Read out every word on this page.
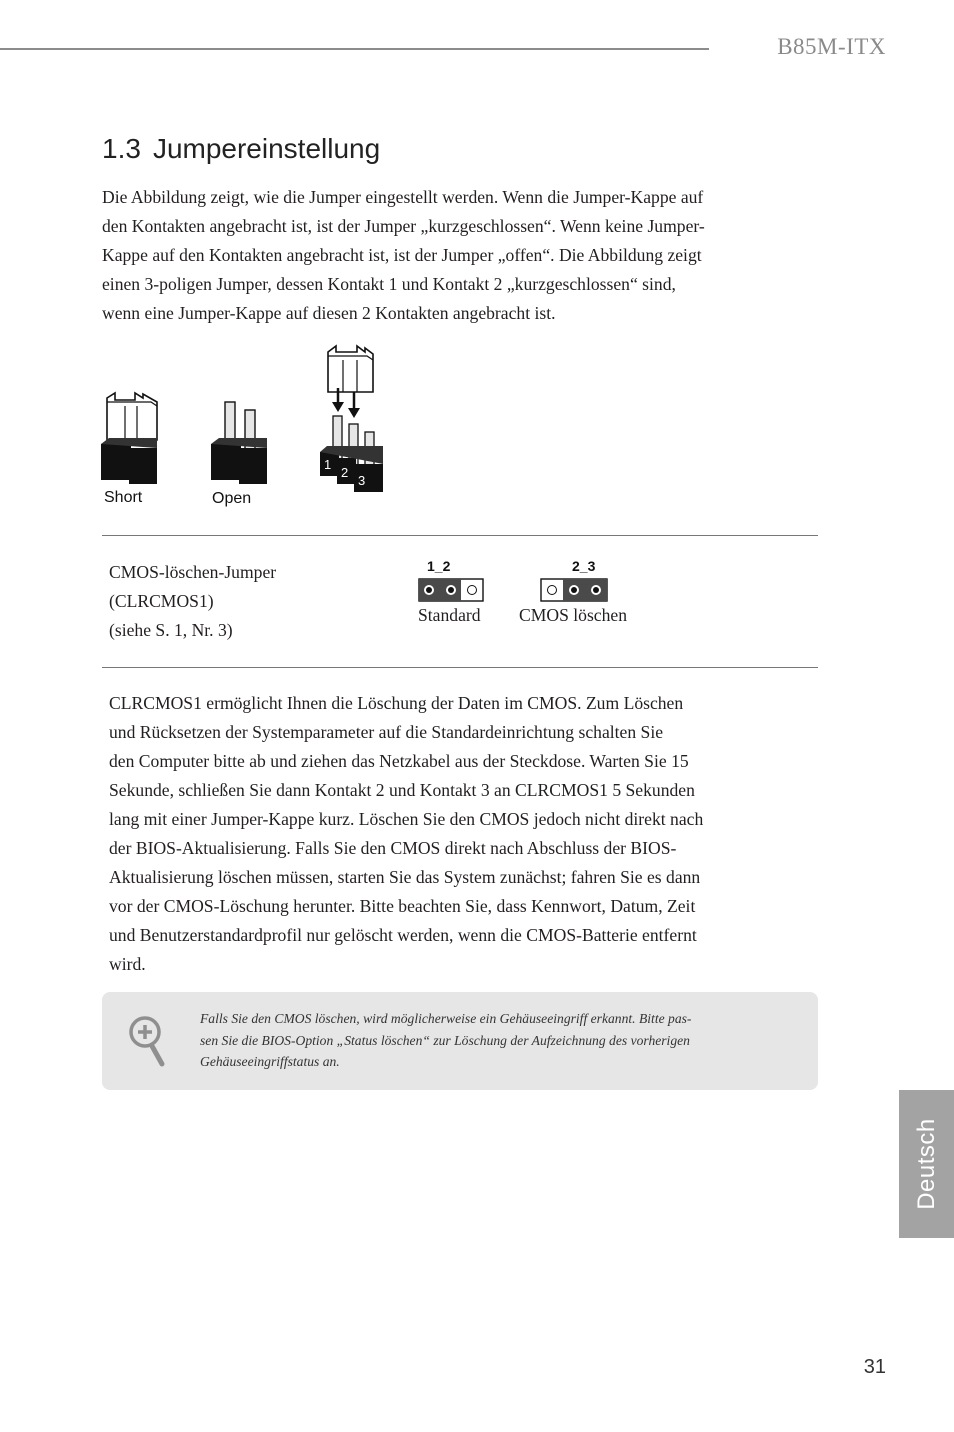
B85M-ITX
1.3 Jumpereinstellung
Die Abbildung zeigt, wie die Jumper eingestellt werden. Wenn die Jumper-Kappe auf
den Kontakten angebracht ist, ist der Jumper „kurzgeschlossen“. Wenn keine Jumper-
Kappe auf den Kontakten angebracht ist, ist der Jumper „offen“. Die Abbildung zeigt
einen 3-poligen Jumper, dessen Kontakt 1 und Kontakt 2 „kurzgeschlossen“ sind,
wenn eine Jumper-Kappe auf diesen 2 Kontakten angebracht ist.
1
2
3
Short	Open
CMOS-löschen-Jumper
(CLRCMOS1)
(siehe S. 1, Nr. 3)
1_2
Standard
2_3
CMOS löschen
CLRCMOS1 ermöglicht Ihnen die Löschung der Daten im CMOS. Zum Löschen
und Rücksetzen der Systemparameter auf die Standardeinrichtung schalten Sie
den Computer bitte ab und ziehen das Netzkabel aus der Steckdose. Warten Sie 15
Sekunde, schließen Sie dann Kontakt 2 und Kontakt 3 an CLRCMOS1 5 Sekunden
lang mit einer Jumper-Kappe kurz. Löschen Sie den CMOS jedoch nicht direkt nach
der BIOS-Aktualisierung. Falls Sie den CMOS direkt nach Abschluss der BIOS-
Aktualisierung löschen müssen, starten Sie das System zunächst; fahren Sie es dann
vor der CMOS-Löschung herunter. Bitte beachten Sie, dass Kennwort, Datum, Zeit
und Benutzerstandardprofil nur gelöscht werden, wenn die CMOS-Batterie entfernt
wird.
Falls Sie den CMOS löschen, wird möglicherweise ein Gehäuseeingriff erkannt. Bitte pas-
sen Sie die BIOS-Option „Status löschen“ zur Löschung der Aufzeichnung des vorherigen
Gehäuseeingriffstatus an.
Deutsch
31
